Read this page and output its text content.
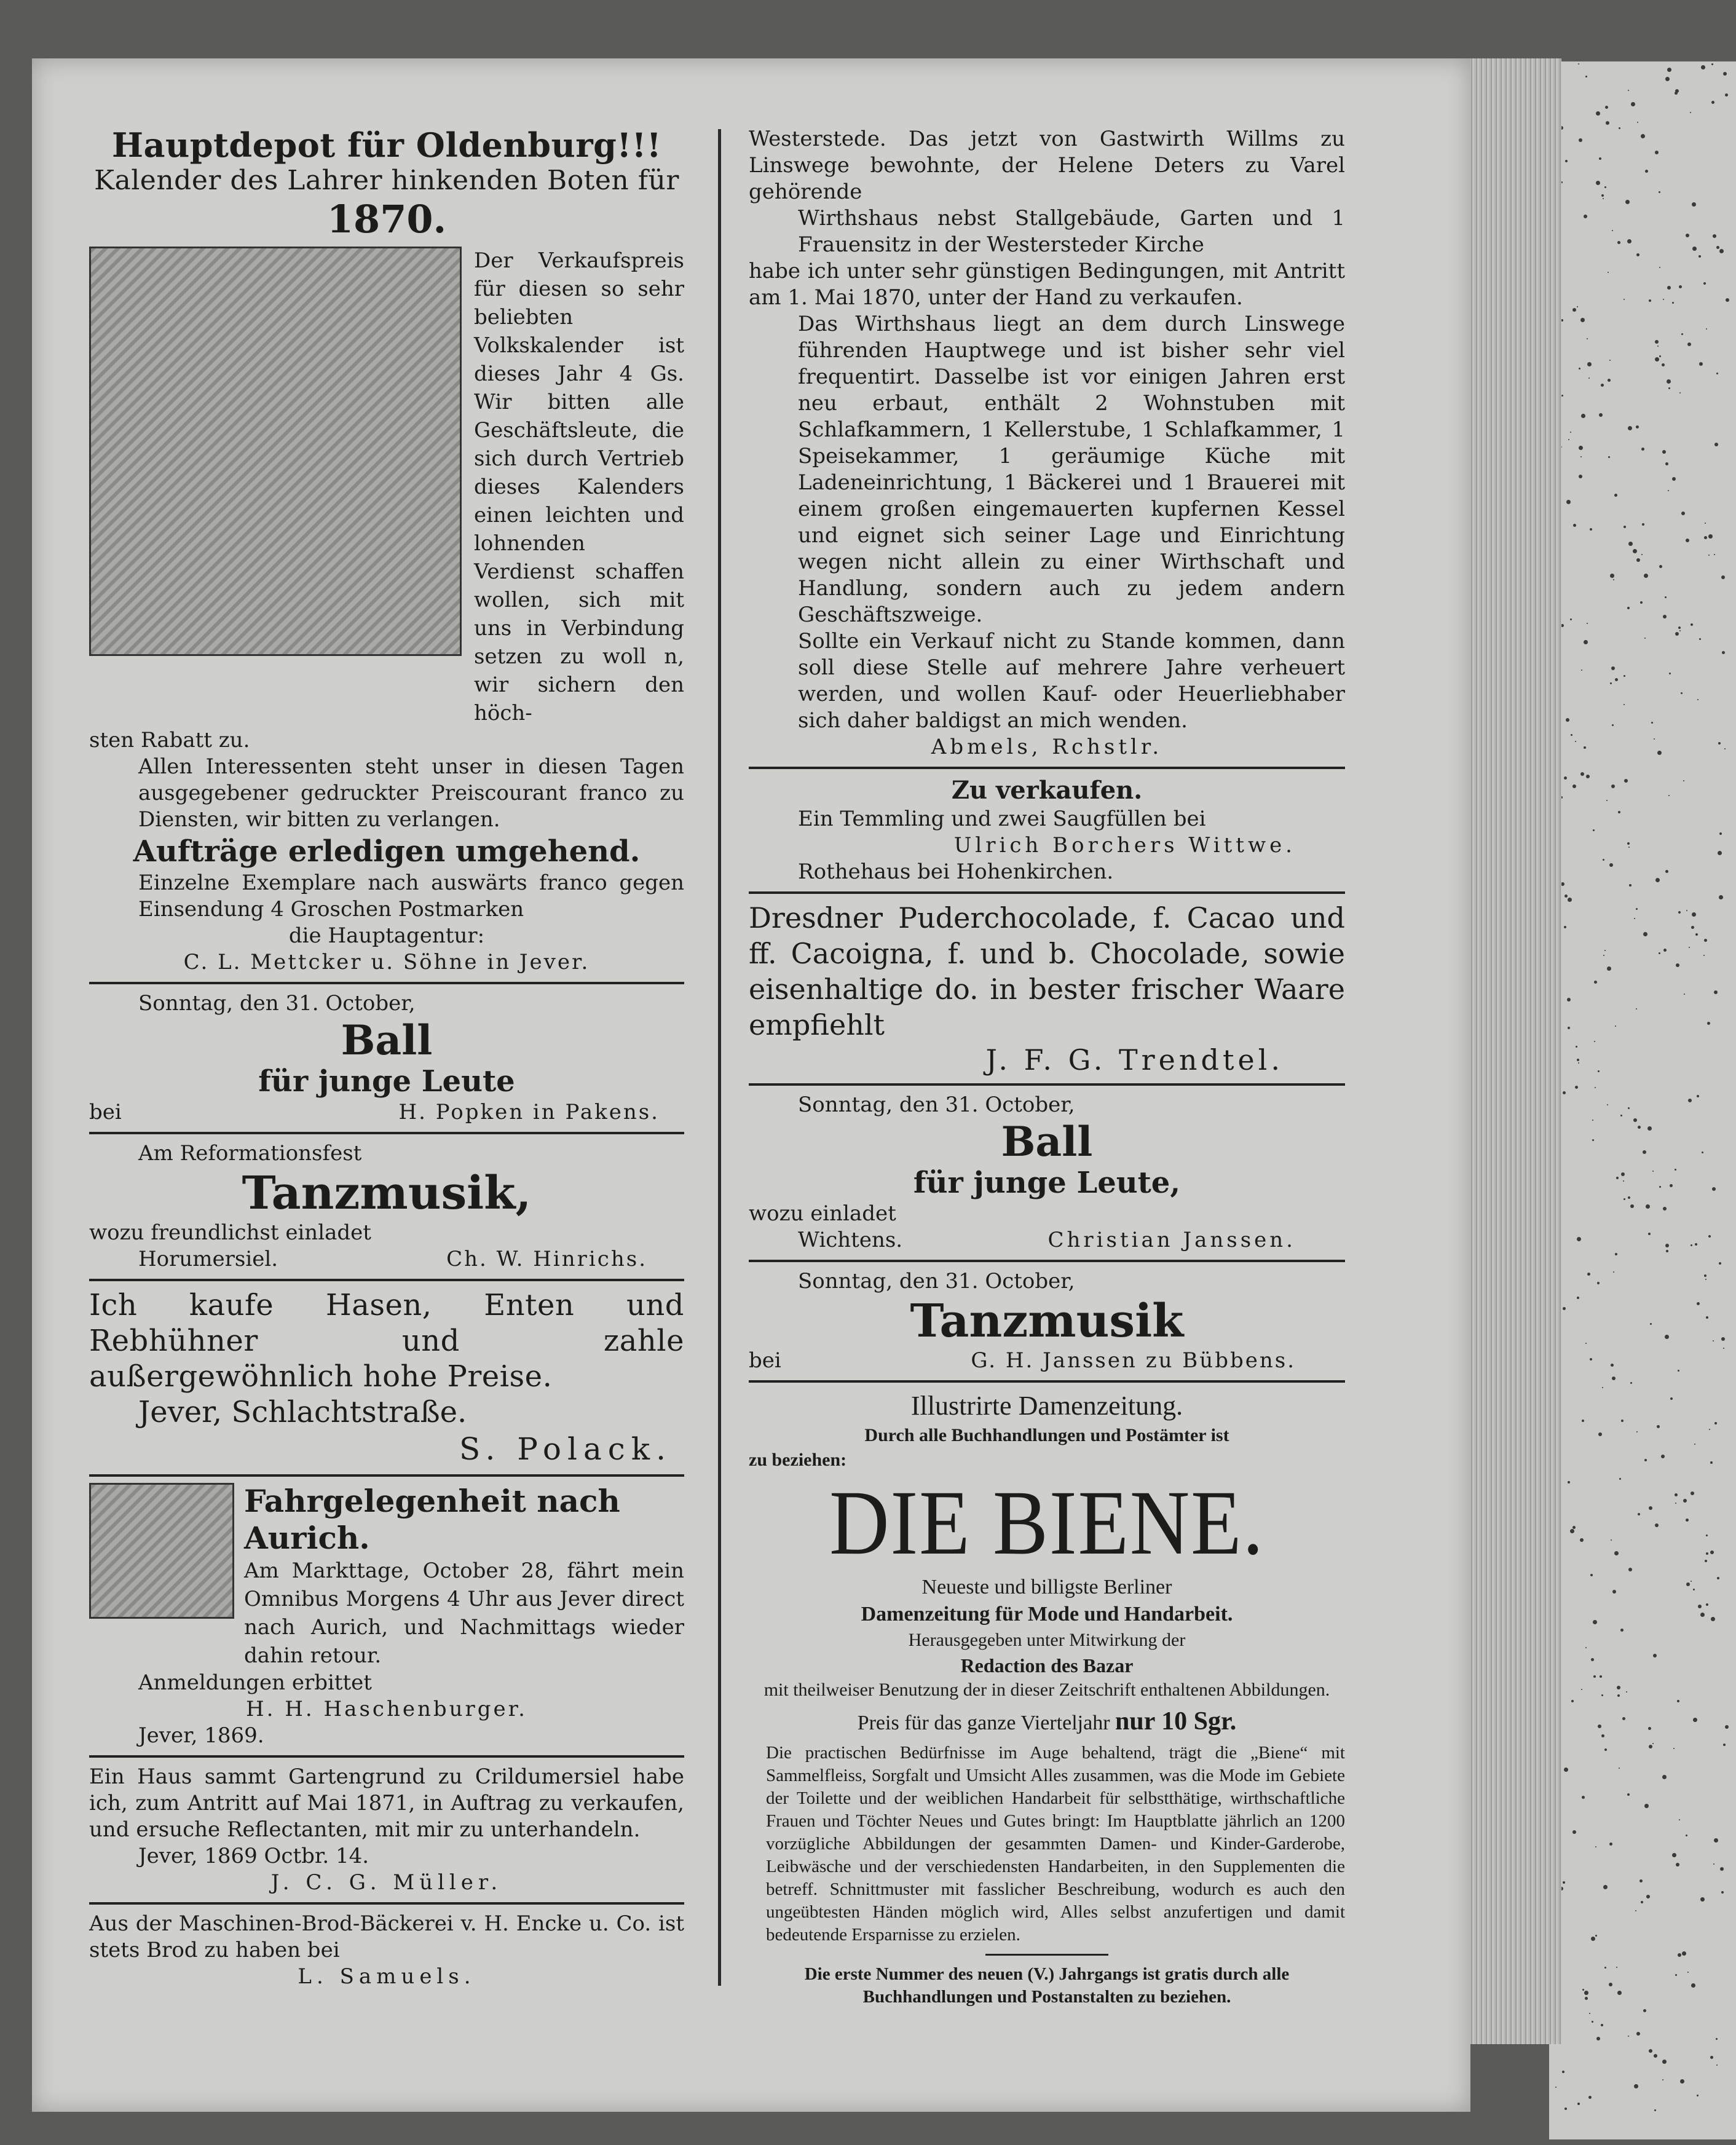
Hauptdepot für Oldenburg!!!
Kalender des Lahrer hinkenden Boten für
1870.
Der Verkaufspreis für diesen so sehr beliebten Volkskalender ist dieses Jahr 4 Gs. Wir bitten alle Geschäftsleute, die sich durch Vertrieb dieses Kalenders einen leichten und lohnenden Verdienst schaffen wollen, sich mit uns in Verbindung setzen zu woll n, wir sichern den höch-
sten Rabatt zu.
Allen Interessenten steht unser in diesen Tagen ausgegebener gedruckter Preiscourant franco zu Diensten, wir bitten zu verlangen.
Aufträge erledigen umgehend.
Einzelne Exemplare nach auswärts franco gegen Einsendung 4 Groschen Postmarken
die Hauptagentur:
C. L. Mettcker u. Söhne in Jever.
Sonntag, den 31. October,
Ball
für junge Leute
bei	H. Popken in Pakens.
Am Reformationsfest
Tanzmusik,
wozu freundlichst einladet
Horumersiel.	Ch. W. Hinrichs.
Ich kaufe Hasen, Enten und Rebhühner und zahle außergewöhnlich hohe Preise.
Jever, Schlachtstraße.
S. Polack.
Fahrgelegenheit nach Aurich.
Am Markttage, October 28, fährt mein Omnibus Morgens 4 Uhr aus Jever direct nach Aurich, und Nachmittags wieder dahin retour.
Anmeldungen erbittet
H. H. Haschenburger.
Jever, 1869.
Ein Haus sammt Gartengrund zu Crildumersiel habe ich, zum Antritt auf Mai 1871, in Auftrag zu verkaufen, und ersuche Reflectanten, mit mir zu unterhandeln.
Jever, 1869 Octbr. 14.
J. C. G. Müller.
Aus der Maschinen-Brod-Bäckerei v. H. Encke u. Co. ist stets Brod zu haben bei
L. Samuels.
Westerstede. Das jetzt von Gastwirth Willms zu Linswege bewohnte, der Helene Deters zu Varel gehörende
Wirthshaus nebst Stallgebäude, Garten und 1 Frauensitz in der Westersteder Kirche
habe ich unter sehr günstigen Bedingungen, mit Antritt am 1. Mai 1870, unter der Hand zu verkaufen.
Das Wirthshaus liegt an dem durch Linswege führenden Hauptwege und ist bisher sehr viel frequentirt. Dasselbe ist vor einigen Jahren erst neu erbaut, enthält 2 Wohnstuben mit Schlafkammern, 1 Kellerstube, 1 Schlafkammer, 1 Speisekammer, 1 geräumige Küche mit Ladeneinrichtung, 1 Bäckerei und 1 Brauerei mit einem großen eingemauerten kupfernen Kessel und eignet sich seiner Lage und Einrichtung wegen nicht allein zu einer Wirthschaft und Handlung, sondern auch zu jedem andern Geschäftszweige.
Sollte ein Verkauf nicht zu Stande kommen, dann soll diese Stelle auf mehrere Jahre verheuert werden, und wollen Kauf- oder Heuerliebhaber sich daher baldigst an mich wenden.
Abmels, Rchstlr.
Zu verkaufen.
Ein Temmling und zwei Saugfüllen bei
Ulrich Borchers Wittwe.
Rothehaus bei Hohenkirchen.
Dresdner Puderchocolade, f. Cacao und ff. Cacoigna, f. und b. Chocolade, sowie eisenhaltige do. in bester frischer Waare empfiehlt
J. F. G. Trendtel.
Sonntag, den 31. October,
Ball
für junge Leute,
wozu einladet
Wichtens.	Christian Janssen.
Sonntag, den 31. October,
Tanzmusik
bei	G. H. Janssen zu Bübbens.
Illustrirte Damenzeitung.
Durch alle Buchhandlungen und Postämter ist
zu beziehen:
DIE BIENE.
Neueste und billigste Berliner
Damenzeitung für Mode und Handarbeit.
Herausgegeben unter Mitwirkung der
Redaction des Bazar
mit theilweiser Benutzung der in dieser Zeitschrift enthaltenen Abbildungen.
Preis für das ganze Vierteljahr nur 10 Sgr.
Die practischen Bedürfnisse im Auge behaltend, trägt die „Biene“ mit Sammelfleiss, Sorgfalt und Umsicht Alles zusammen, was die Mode im Gebiete der Toilette und der weiblichen Handarbeit für selbstthätige, wirthschaftliche Frauen und Töchter Neues und Gutes bringt: Im Hauptblatte jährlich an 1200 vorzügliche Abbildungen der gesammten Damen- und Kinder-Garderobe, Leibwäsche und der verschiedensten Handarbeiten, in den Supplementen die betreff. Schnittmuster mit fasslicher Beschreibung, wodurch es auch den ungeübtesten Händen möglich wird, Alles selbst anzufertigen und damit bedeutende Ersparnisse zu erzielen.
Die erste Nummer des neuen (V.) Jahrgangs ist gratis durch alle Buchhandlungen und Postanstalten zu beziehen.
